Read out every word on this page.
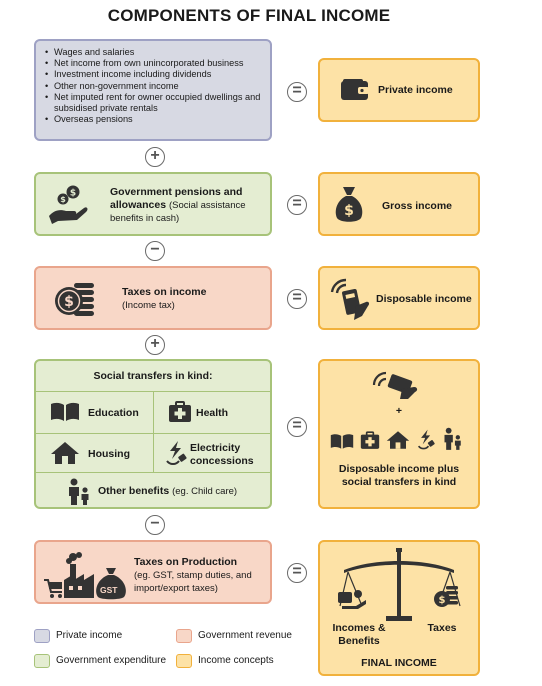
COMPONENTS OF FINAL INCOME
• Wages and salaries
• Net income from own unincorporated business
• Investment income including dividends
• Other non-government income
• Net imputed rent for owner occupied dwellings and subsidised private rentals
• Overseas pensions
=	Private income
+
$
$
Government pensions and allowances (Social assistance benefits in cash)
=	$	Gross income
−
$
Taxes on income
(Income tax)	=	Disposable income
+
Social transfers in kind:
Education	Health
Housing	Electricity concessions
Other benefits (eg. Child care)
=
+
Disposable income plus social transfers in kind
−
GST
Taxes on Production
(eg. GST, stamp duties, and import/export taxes)
=
$
Incomes & Benefits
Taxes
FINAL INCOME
Private income	Government revenue
Government expenditure	Income concepts
